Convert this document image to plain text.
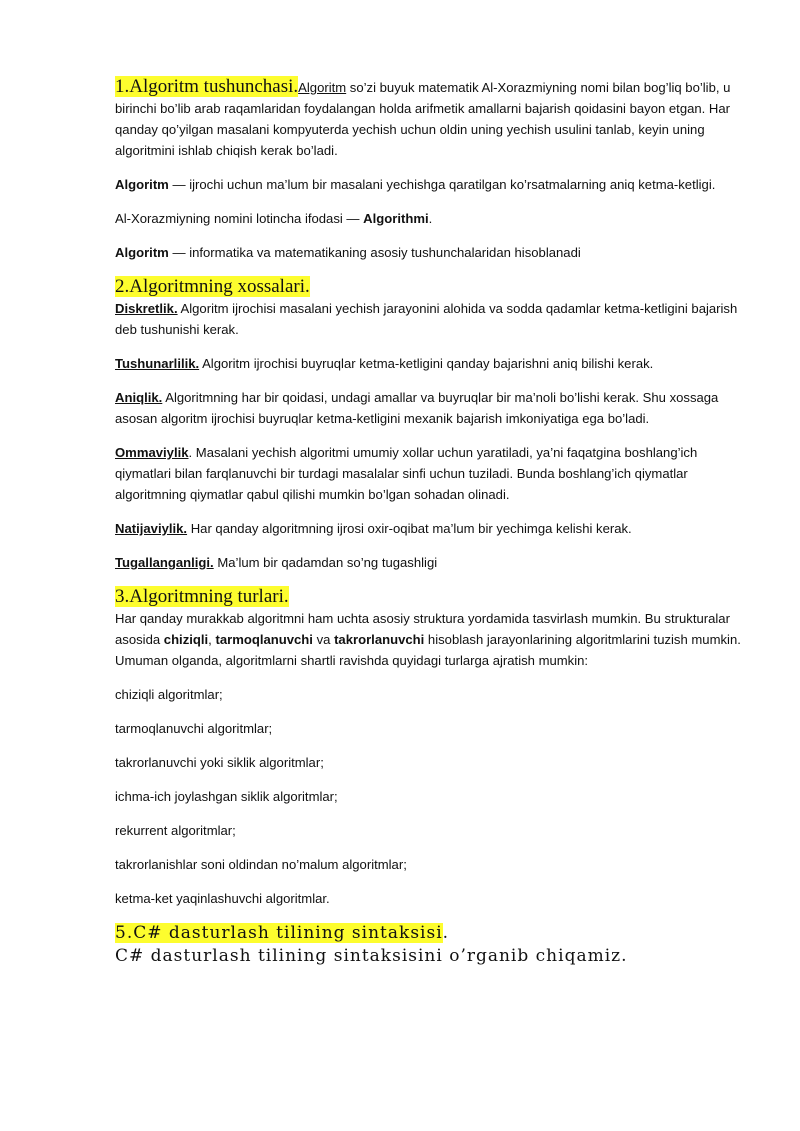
1.Algoritm tushunchasi.Algoritm so’zi buyuk matematik Al-Xorazmiyning nomi bilan bog’liq bo’lib, u birinchi bo’lib arab raqamlaridan foydalangan holda arifmetik amallarni bajarish qoidasini bayon etgan. Har qanday qo’yilgan masalani kompyuterda yechish uchun oldin uning yechish usulini tanlab, keyin uning algoritmini ishlab chiqish kerak bo’ladi.

Algoritm — ijrochi uchun ma’lum bir masalani yechishga qaratilgan ko’rsatmalarning aniq ketma-ketligi.

Al-Xorazmiyning nomini lotincha ifodasi — Algorithmi.

Algoritm — informatika va matematikaning asosiy tushunchalaridan hisoblanadi

2.Algoritmning xossalari.

Diskretlik. Algoritm ijrochisi masalani yechish jarayonini alohida va sodda qadamlar ketma-ketligini bajarish deb tushunishi kerak.

Tushunarlilik. Algoritm ijrochisi buyruqlar ketma-ketligini qanday bajarishni aniq bilishi kerak.

Aniqlik. Algoritmning har bir qoidasi, undagi amallar va buyruqlar bir ma’noli bo’lishi kerak. Shu xossaga asosan algoritm ijrochisi buyruqlar ketma-ketligini mexanik bajarish imkoniyatiga ega bo’ladi.

Ommaviylik. Masalani yechish algoritmi umumiy xollar uchun yaratiladi, ya’ni faqatgina boshlang’ich qiymatlari bilan farqlanuvchi bir turdagi masalalar sinfi uchun tuziladi. Bunda boshlang’ich qiymatlar algoritmning qiymatlar qabul qilishi mumkin bo’lgan sohadan olinadi.

Natijaviylik. Har qanday algoritmning ijrosi oxir-oqibat ma’lum bir yechimga kelishi kerak.

Tugallanganligi. Ma’lum bir qadamdan so’ng tugashligi

3.Algoritmning turlari.

Har qanday murakkab algoritmni ham uchta asosiy struktura yordamida tasvirlash mumkin. Bu strukturalar asosida chiziqli, tarmoqlanuvchi va takrorlanuvchi hisoblash jarayonlarining algoritmlarini tuzish mumkin. Umuman olganda, algoritmlarni shartli ravishda quyidagi turlarga ajratish mumkin:

chiziqli algoritmlar;

tarmoqlanuvchi algoritmlar;

takrorlanuvchi yoki siklik algoritmlar;

ichma-ich joylashgan siklik algoritmlar;

rekurrent algoritmlar;

takrorlanishlar soni oldindan no’malum algoritmlar;

ketma-ket yaqinlashuvchi algoritmlar.

5.C# dasturlash tilining sintaksisi.

C# dasturlash tilining sintaksisini o’rganib chiqamiz.
